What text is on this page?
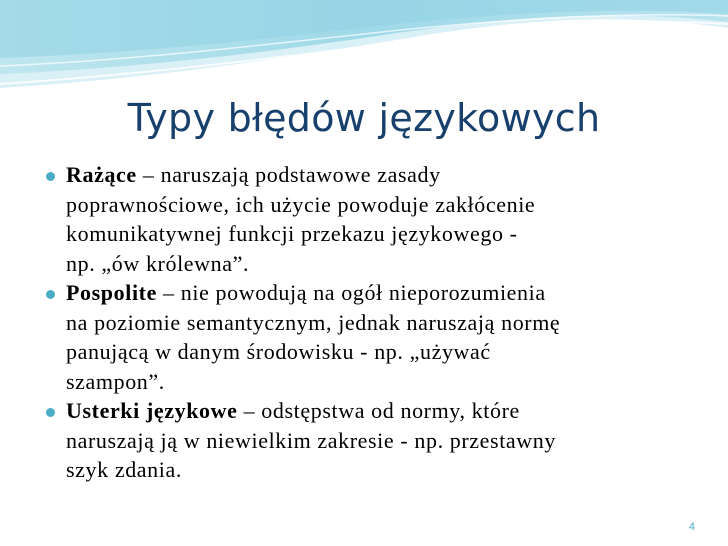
Typy błędów językowych
Rażące – naruszają podstawowe zasady
poprawnościowe, ich użycie powoduje zakłócenie
komunikatywnej funkcji przekazu językowego -
np. „ów królewna”.
Pospolite – nie powodują na ogół nieporozumienia
na poziomie semantycznym, jednak naruszają normę
panującą w danym środowisku - np. „używać
szampon”.
Usterki językowe – odstępstwa od normy, które
naruszają ją w niewielkim zakresie - np. przestawny
szyk zdania.
4
